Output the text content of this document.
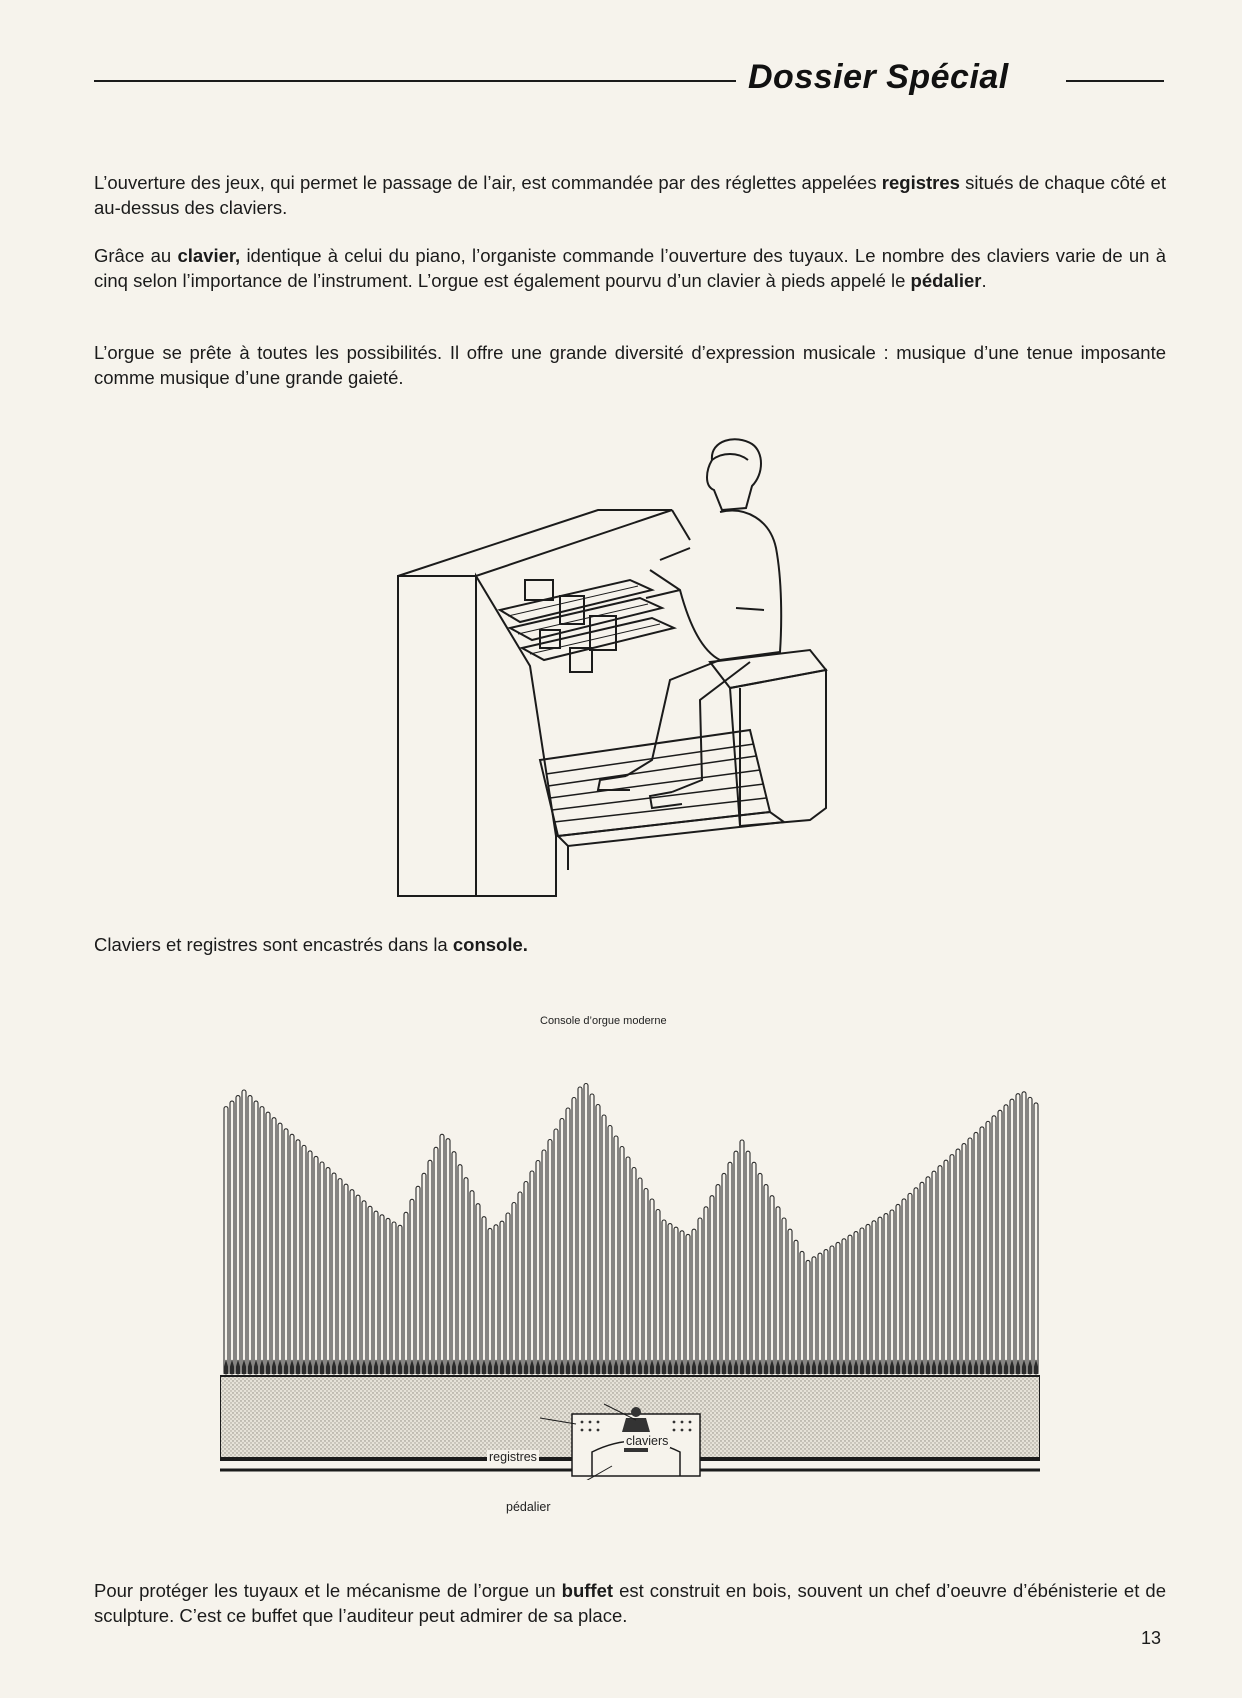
Dossier Spécial

L’ouverture des jeux, qui permet le passage de l’air, est commandée par des réglettes appelées registres situés de chaque côté et au-dessus des claviers.

Grâce au clavier, identique à celui du piano, l’organiste commande l’ouverture des tuyaux. Le nombre des claviers varie de un à cinq selon l’importance de l’instrument. L’orgue est également pourvu d’un clavier à pieds appelé le pédalier.

L’orgue se prête à toutes les possibilités. Il offre une grande diversité d’expression musicale : musique d’une tenue imposante comme musique d’une grande gaieté.

Claviers et registres sont encastrés dans la console.

Console d’orgue moderne
claviers
registres
pédalier

Pour protéger les tuyaux et le mécanisme de l’orgue un buffet est construit en bois, souvent un chef d’oeuvre d’ébénisterie et de sculpture. C’est ce buffet que l’auditeur peut admirer de sa place.

13
